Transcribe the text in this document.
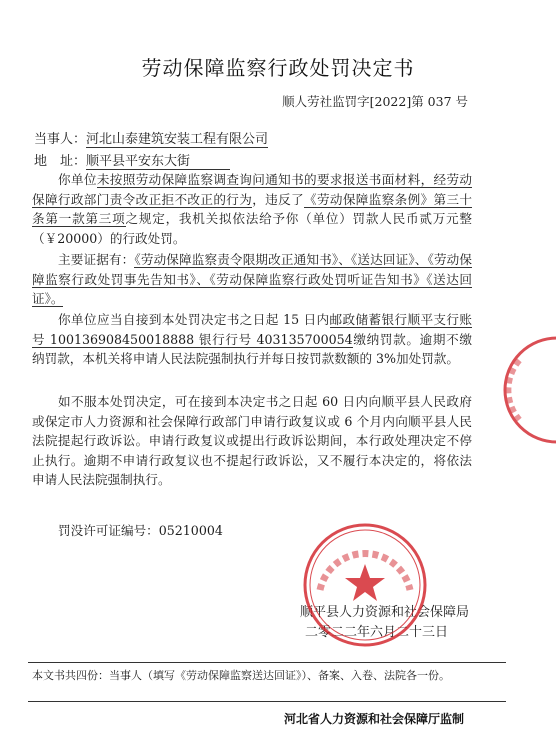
劳动保障监察行政处罚决定书
顺人劳社监罚字[2022]第 037 号
当事人：河北山泰建筑安装工程有限公司
地　址：顺平县平安东大街
你单位未按照劳动保障监察调查询问通知书的要求报送书面材料，经劳动保障行政部门责令改正拒不改正的行为，违反了《劳动保障监察条例》第三十条第一款第三项之规定，我机关拟依法给予你（单位）罚款人民币贰万元整（￥20000）的行政处罚。
主要证据有：《劳动保障监察责令限期改正通知书》、《送达回证》、《劳动保障监察行政处罚事先告知书》、《劳动保障监察行政处罚听证告知书》《送达回证》。
你单位应当自接到本处罚决定书之日起 15 日内邮政储蓄银行顺平支行账号 100136908450018888 银行行号 403135700054缴纳罚款。逾期不缴纳罚款，本机关将申请人民法院强制执行并每日按罚款数额的 3%加处罚款。
如不服本处罚决定，可在接到本决定书之日起 60 日内向顺平县人民政府或保定市人力资源和社会保障行政部门申请行政复议或 6 个月内向顺平县人民法院提起行政诉讼。申请行政复议或提出行政诉讼期间，本行政处理决定不停止执行。逾期不申请行政复议也不提起行政诉讼，又不履行本决定的，将依法申请人民法院强制执行。
罚没许可证编号：05210004
顺平县人力资源和社会保障局
二零二二年六月二十三日
本文书共四份：当事人（填写《劳动保障监察送达回证》）、备案、入卷、法院各一份。
河北省人力资源和社会保障厅监制
